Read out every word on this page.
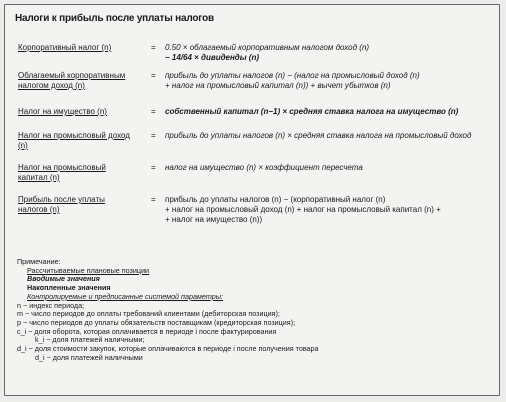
Налоги к прибыль после уплаты налогов
Корпоративный налог (n)	= 0.50 × облагаемый корпоративным налогом доход (n)
− 14/64 × дивиденды (n)
Облагаемый корпоративным налогом доход (n)
= прибыль до уплаты налогов (n) − (налог на промысловый доход (n)
+ налог на промысловый капитал (n)) + вычет убытков (n)
Налог на имущество (n)	= собственный капитал (n−1) × средняя ставка налога на имущество (n)
Налог на промысловый доход (n)
= прибыль до уплаты налогов (n) × средняя ставка налога на промысловый доход
Налог на промысловый капитал (n)
= налог на имущество (n) × коэффициент пересчета
Прибыль после уплаты налогов (n)
= прибыль до уплаты налогов (n) − (корпоративный налог (n)
+ налог на промысловый доход (n) + налог на промысловый капитал (n) +
+ налог на имущество (n))
Примечание:
Рассчитываемые плановые позиции
Вводимые значения
Накопленные значения
Контролируемые и предписанные системой параметры:
n − индекс периода;
m − число периодов до оплаты требований клиентами (дебиторская позиция);
p − число периодов до уплаты обязательств поставщикам (кредиторская позиция);
c_i − доля оборота, которая оплачивается в периоде i после фактурирования
k_i − доля платежей наличными;
d_i − доля стоимости закупок, которые оплачиваются в периоде i после получения товара
d_i − доля платежей наличными
